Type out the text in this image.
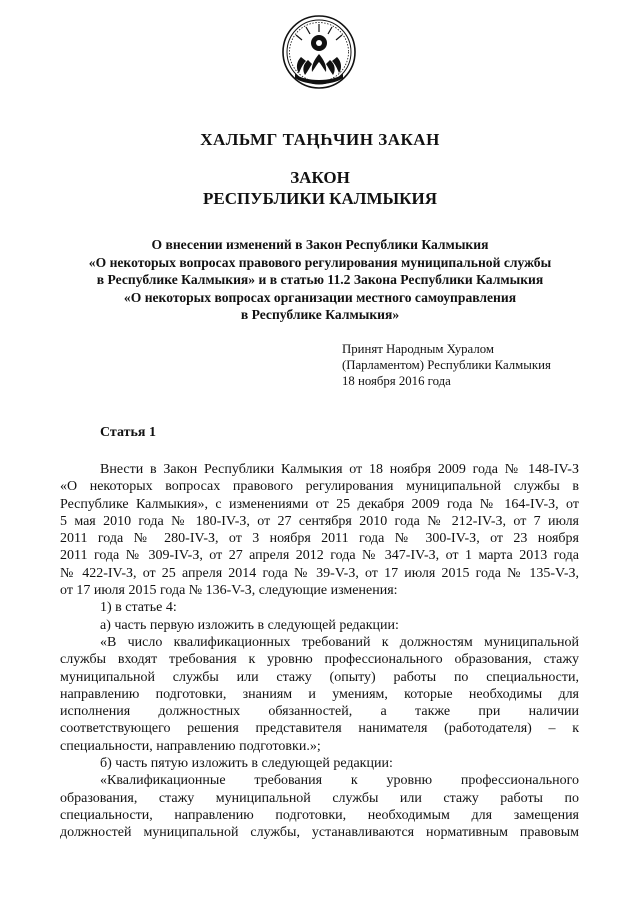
ХАЛЬМГ ТАҢҺЧИН ЗАКАН
ЗАКОН
РЕСПУБЛИКИ КАЛМЫКИЯ
О внесении изменений в Закон Республики Калмыкия
«О некоторых вопросах правового регулирования муниципальной службы
в Республике Калмыкия» и в статью 11.2 Закона Республики Калмыкия
«О некоторых вопросах организации местного самоуправления
в Республике Калмыкия»
Принят Народным Хуралом
(Парламентом) Республики Калмыкия
18 ноября 2016 года
Статья 1
Внести в Закон Республики Калмыкия от 18 ноября 2009 года № 148-IV-З
«О некоторых вопросах правового регулирования муниципальной службы в
Республике Калмыкия», с изменениями от 25 декабря 2009 года № 164-IV-З, от
5 мая 2010 года № 180-IV-З, от 27 сентября 2010 года № 212-IV-З, от 7 июля
2011 года № 280-IV-З, от 3 ноября 2011 года № 300-IV-З, от 23 ноября
2011 года № 309-IV-З, от 27 апреля 2012 года № 347-IV-З, от 1 марта 2013 года
№ 422-IV-З, от 25 апреля 2014 года № 39-V-З, от 17 июля 2015 года № 135-V-З,
от 17 июля 2015 года № 136-V-З, следующие изменения:
1) в статье 4:
а) часть первую изложить в следующей редакции:
«В число квалификационных требований к должностям муниципальной
службы входят требования к уровню профессионального образования, стажу
муниципальной службы или стажу (опыту) работы по специальности,
направлению подготовки, знаниям и умениям, которые необходимы для
исполнения должностных обязанностей, а также при наличии
соответствующего решения представителя нанимателя (работодателя) – к
специальности, направлению подготовки.»;
б) часть пятую изложить в следующей редакции:
«Квалификационные требования к уровню профессионального
образования, стажу муниципальной службы или стажу работы по
специальности, направлению подготовки, необходимым для замещения
должностей муниципальной службы, устанавливаются нормативным правовым
